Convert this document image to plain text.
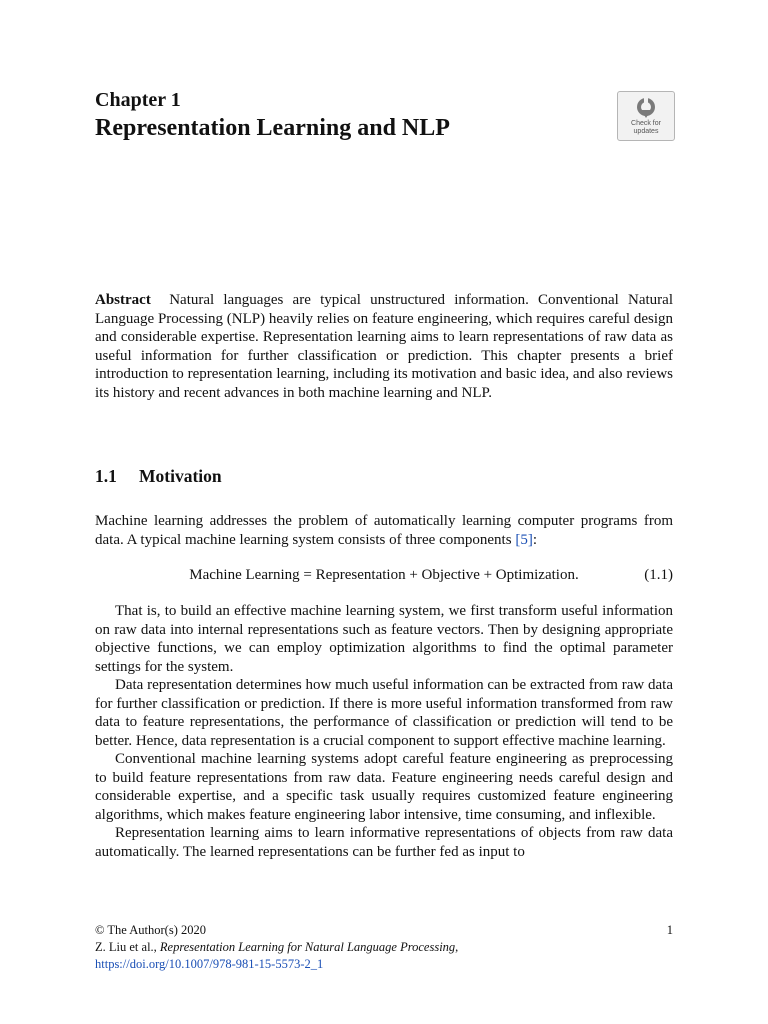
Chapter 1
Representation Learning and NLP	Check for
updates
Abstract Natural languages are typical unstructured information. Conventional Natural Language Processing (NLP) heavily relies on feature engineering, which requires careful design and considerable expertise. Representation learning aims to learn representations of raw data as useful information for further classification or prediction. This chapter presents a brief introduction to representation learning, including its motivation and basic idea, and also reviews its history and recent advances in both machine learning and NLP.
1.1 Motivation

Machine learning addresses the problem of automatically learning computer programs from data. A typical machine learning system consists of three components [5]:

Machine Learning = Representation + Objective + Optimization.	(1.1)

That is, to build an effective machine learning system, we first transform useful information on raw data into internal representations such as feature vectors. Then by designing appropriate objective functions, we can employ optimization algorithms to find the optimal parameter settings for the system.

Data representation determines how much useful information can be extracted from raw data for further classification or prediction. If there is more useful information transformed from raw data to feature representations, the performance of classification or prediction will tend to be better. Hence, data representation is a crucial component to support effective machine learning.

Conventional machine learning systems adopt careful feature engineering as preprocessing to build feature representations from raw data. Feature engineering needs careful design and considerable expertise, and a specific task usually requires customized feature engineering algorithms, which makes feature engineering labor intensive, time consuming, and inflexible.

Representation learning aims to learn informative representations of objects from raw data automatically. The learned representations can be further fed as input to

© The Author(s) 2020	1
Z. Liu et al., Representation Learning for Natural Language Processing,
https://doi.org/10.1007/978-981-15-5573-2_1
